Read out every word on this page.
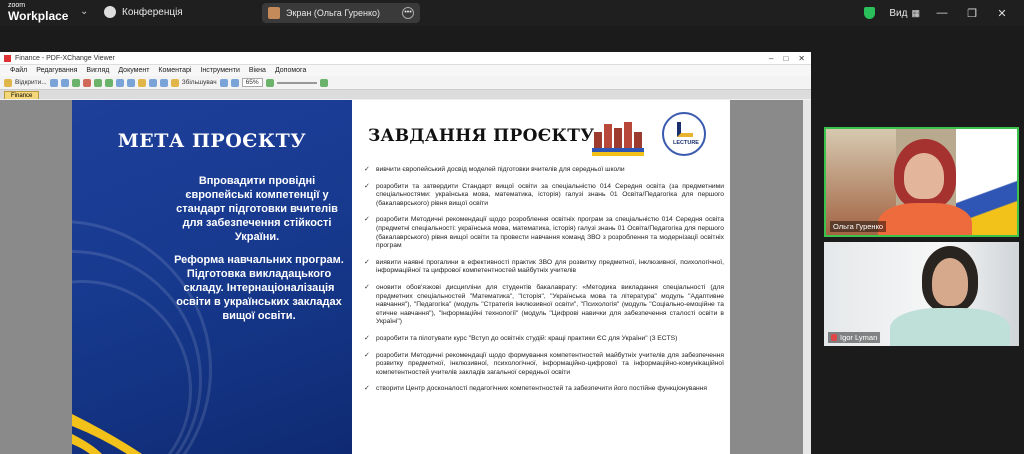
zoom
Workplace ⌄	Конференція	Экран (Ольга Гуренко)	•••	Вид ▦ — ❐	✕
Finance - PDF-XChange Viewer	– □ ✕
Файл Редагування Вигляд Документ Коментарі Інструменти Вікна Допомога
Відкрити...	Збільшувач	65%
Finance
МЕТА ПРОЄКТУ
Впровадити провідні європейські компетенції у стандарт підготовки вчителів для забезпечення стійкості України.
Реформа навчальних програм. Підготовка викладацького складу. Інтернаціоналізація освіти в українських закладах вищої освіти.
ЗАВДАННЯ ПРОЄКТУ	LECTURE
✓ вивчити європейський досвід моделей підготовки вчителів для середньої школи
✓ розробити та затвердити Стандарт вищої освіти за спеціальністю 014 Середня освіта (за предметними спеціальностями: українська мова, математика, історія) галузі знань 01 Освіта/Педагогіка для першого (бакалаврського) рівня вищої освіти
✓ розробити Методичні рекомендації щодо розроблення освітніх програм за спеціальністю 014 Середня освіта (предметні спеціальності: українська мова, математика, історія) галузі знань 01 Освіта/Педагогіка для першого (бакалаврського) рівня вищої освіти та провести навчання команд ЗВО з розроблення та модернізації освітніх програм
✓ виявити наявні прогалини в ефективності практик ЗВО для розвитку предметної, інклюзивної, психологічної, інформаційної та цифрової компетентностей майбутніх учителів
✓ оновити обов'язкові дисципліни для студентів бакалаврату: «Методика викладання спеціальності (для предметних спеціальностей "Математика", "Історія", "Українська мова та література" модуль "Адаптивне навчання"), "Педагогіка" (модуль "Стратегія інклюзивної освіти", "Психологія" (модуль "Соціально-емоційне та етичне навчання"), "Інформаційні технології" (модуль "Цифрові навички для забезпечення сталості освіти в Україні")
✓ розробити та пілотувати курс "Вступ до освітніх студій: кращі практики ЄС для України" (3 ECTS)
✓ розробити Методичні рекомендації щодо формування компетентностей майбутніх учителів для забезпечення розвитку предметної, інклюзивної, психологічної, інформаційно-цифрової та інформаційно-комунікаційної компетентностей учителів закладів загальної середньої освіти
✓ створити Центр досконалості педагогічних компетентностей та забезпечити його постійне функціонування
Ольга Гуренко
Igor Lyman
